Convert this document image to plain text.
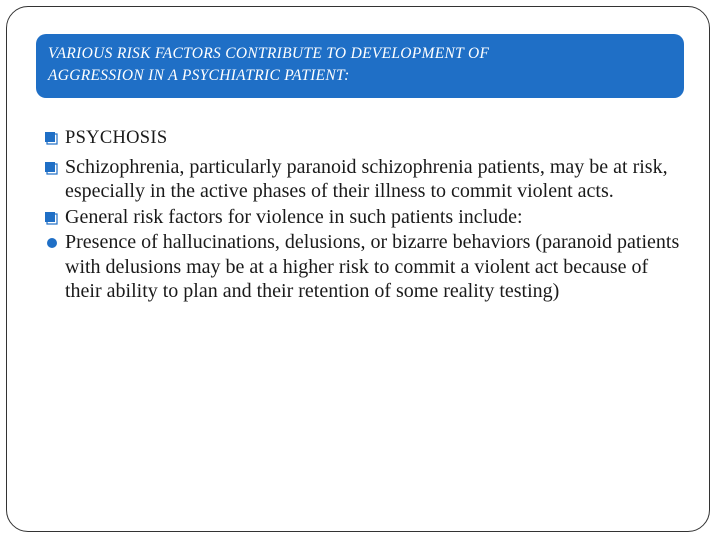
VARIOUS RISK FACTORS CONTRIBUTE TO DEVELOPMENT OF
AGGRESSION IN A PSYCHIATRIC PATIENT:
PSYCHOSIS
Schizophrenia, particularly paranoid schizophrenia patients, may be at risk, especially in the active phases of their illness to commit violent acts.
General risk factors for violence in such patients include:
Presence of hallucinations, delusions, or bizarre behaviors (paranoid patients with delusions may be at a higher risk to commit a violent act because of their ability to plan and their retention of some reality testing)
